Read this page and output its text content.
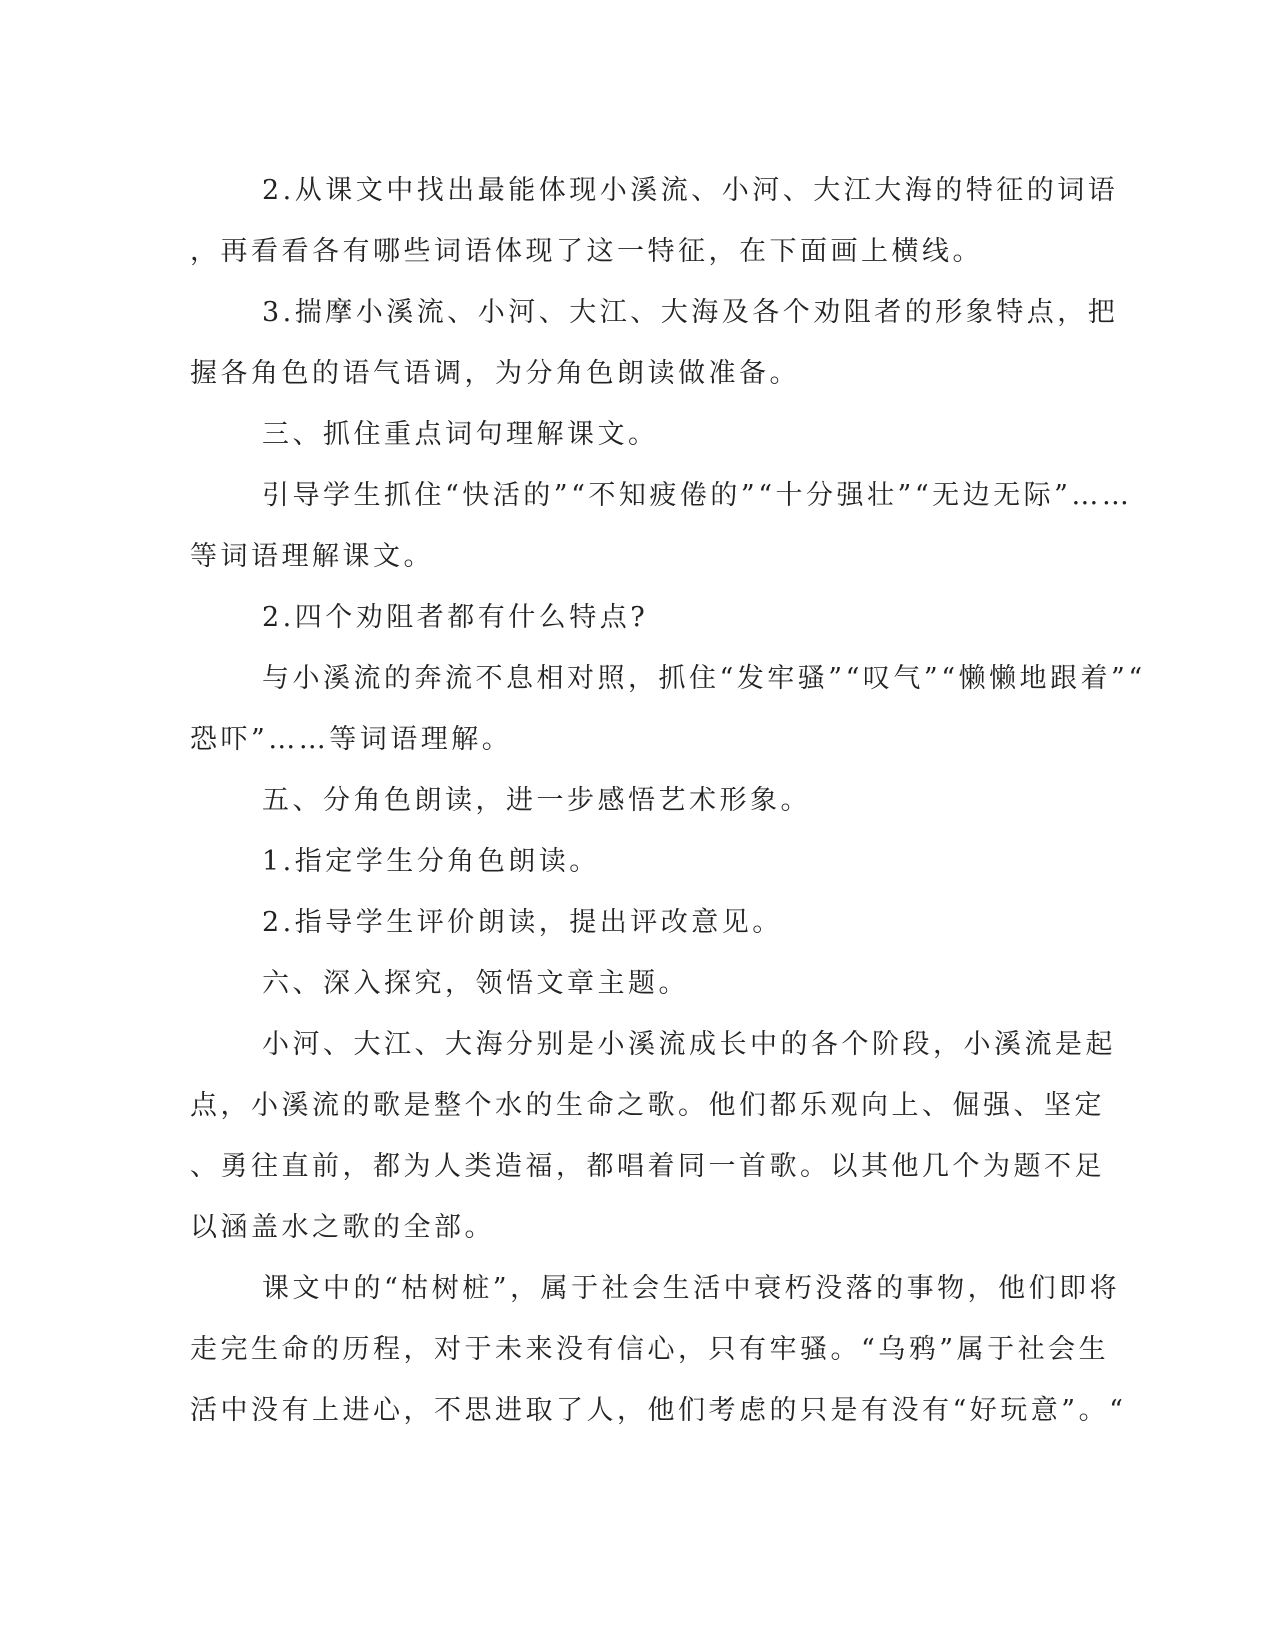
2.从课文中找出最能体现小溪流、小河、大江大海的特征的词语
，再看看各有哪些词语体现了这一特征，在下面画上横线。
3.揣摩小溪流、小河、大江、大海及各个劝阻者的形象特点，把
握各角色的语气语调，为分角色朗读做准备。
三、抓住重点词句理解课文。
引导学生抓住“快活的”“不知疲倦的”“十分强壮”“无边无际”……
等词语理解课文。
2.四个劝阻者都有什么特点?
与小溪流的奔流不息相对照，抓住“发牢骚”“叹气”“懒懒地跟着”“
恐吓”……等词语理解。
五、分角色朗读，进一步感悟艺术形象。
1.指定学生分角色朗读。
2.指导学生评价朗读，提出评改意见。
六、深入探究，领悟文章主题。
小河、大江、大海分别是小溪流成长中的各个阶段，小溪流是起
点，小溪流的歌是整个水的生命之歌。他们都乐观向上、倔强、坚定
、勇往直前，都为人类造福，都唱着同一首歌。以其他几个为题不足
以涵盖水之歌的全部。
课文中的“枯树桩”，属于社会生活中衰朽没落的事物，他们即将
走完生命的历程，对于未来没有信心，只有牢骚。“乌鸦”属于社会生
活中没有上进心，不思进取了人，他们考虑的只是有没有“好玩意”。“
